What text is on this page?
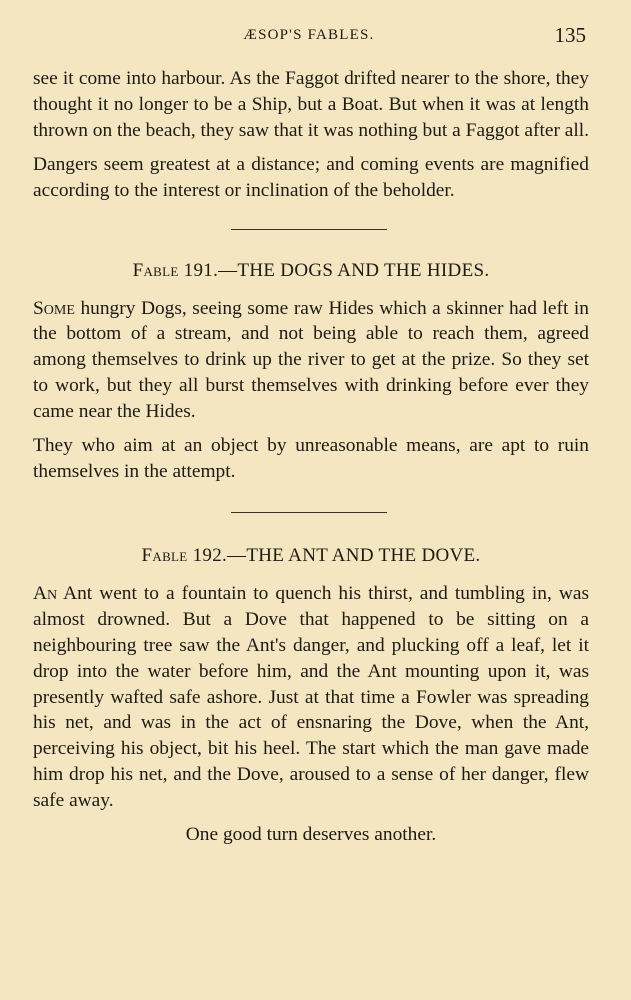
ÆSOP'S FABLES.	135

see it come into harbour. As the Faggot drifted nearer to the shore, they thought it no longer to be a Ship, but a Boat. But when it was at length thrown on the beach, they saw that it was nothing but a Faggot after all.

Dangers seem greatest at a distance; and coming events are magnified according to the interest or inclination of the beholder.

Fable 191.—THE DOGS AND THE HIDES.

Some hungry Dogs, seeing some raw Hides which a skinner had left in the bottom of a stream, and not being able to reach them, agreed among themselves to drink up the river to get at the prize. So they set to work, but they all burst themselves with drinking before ever they came near the Hides.

They who aim at an object by unreasonable means, are apt to ruin themselves in the attempt.

Fable 192.—THE ANT AND THE DOVE.

An Ant went to a fountain to quench his thirst, and tumbling in, was almost drowned. But a Dove that happened to be sitting on a neighbouring tree saw the Ant's danger, and plucking off a leaf, let it drop into the water before him, and the Ant mounting upon it, was presently wafted safe ashore. Just at that time a Fowler was spreading his net, and was in the act of ensnaring the Dove, when the Ant, perceiving his object, bit his heel. The start which the man gave made him drop his net, and the Dove, aroused to a sense of her danger, flew safe away.

One good turn deserves another.
